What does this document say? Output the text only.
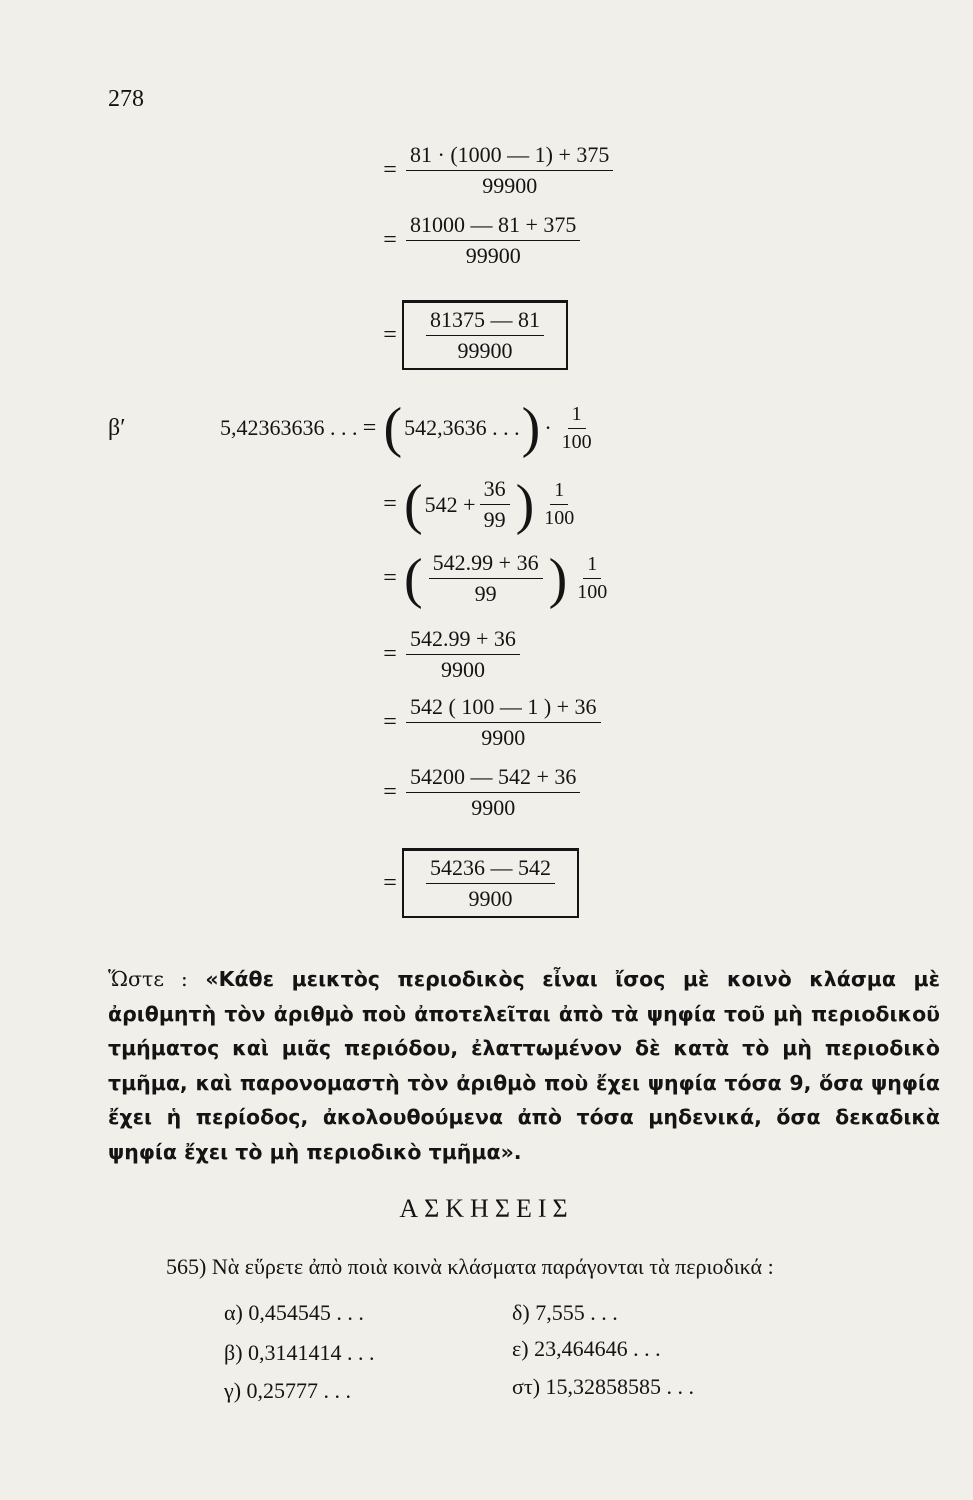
278
= $\frac{81 \cdot (1000 — 1) + 375}{99900}$
= $\frac{81000 — 81 + 375}{99900}$
= $\frac{81375 — 81}{99900}$
β′	5,42363636 . . . = ( 542,3636 . . . ) · $\frac{1}{100}$
= ( $542 + \frac{36}{99}$ ) $\frac{1}{100}$
= ( $\frac{542.99 + 36}{99}$ ) $\frac{1}{100}$
= $\frac{542.99 + 36}{9900}$
= $\frac{542 ( 100 — 1 ) + 36}{9900}$
= $\frac{54200 — 542 + 36}{9900}$
= $\frac{54236 — 542}{9900}$
Ὥστε : «Κάθε μεικτὸς περιοδικὸς εἶναι ἴσος μὲ κοινὸ κλάσμα μὲ ἀριθμητὴ τὸν ἀριθμὸ ποὺ ἀποτελεῖται ἀπὸ τὰ ψηφία τοῦ μὴ περιοδικοῦ τμήματος καὶ μιᾶς περιόδου, ἐλαττωμένον δὲ κατὰ τὸ μὴ περιοδικὸ τμῆμα, καὶ παρονομαστὴ τὸν ἀριθμὸ ποὺ ἔχει ψηφία τόσα 9, ὅσα ψηφία ἔχει ἡ περίοδος, ἀκολουθούμενα ἀπὸ τόσα μηδενικά, ὅσα δεκαδικὰ ψηφία ἔχει τὸ μὴ περιοδικὸ τμῆμα».
ΑΣΚΗΣΕΙΣ
565) Νὰ εὕρετε ἀπὸ ποιὰ κοινὰ κλάσματα παράγονται τὰ περιοδικά :
α) 0,454545 . . .	δ) 7,555 . . .
β) 0,3141414 . . .	ε) 23,464646 . . .
γ) 0,25777 . . .	στ) 15,32858585 . . .
